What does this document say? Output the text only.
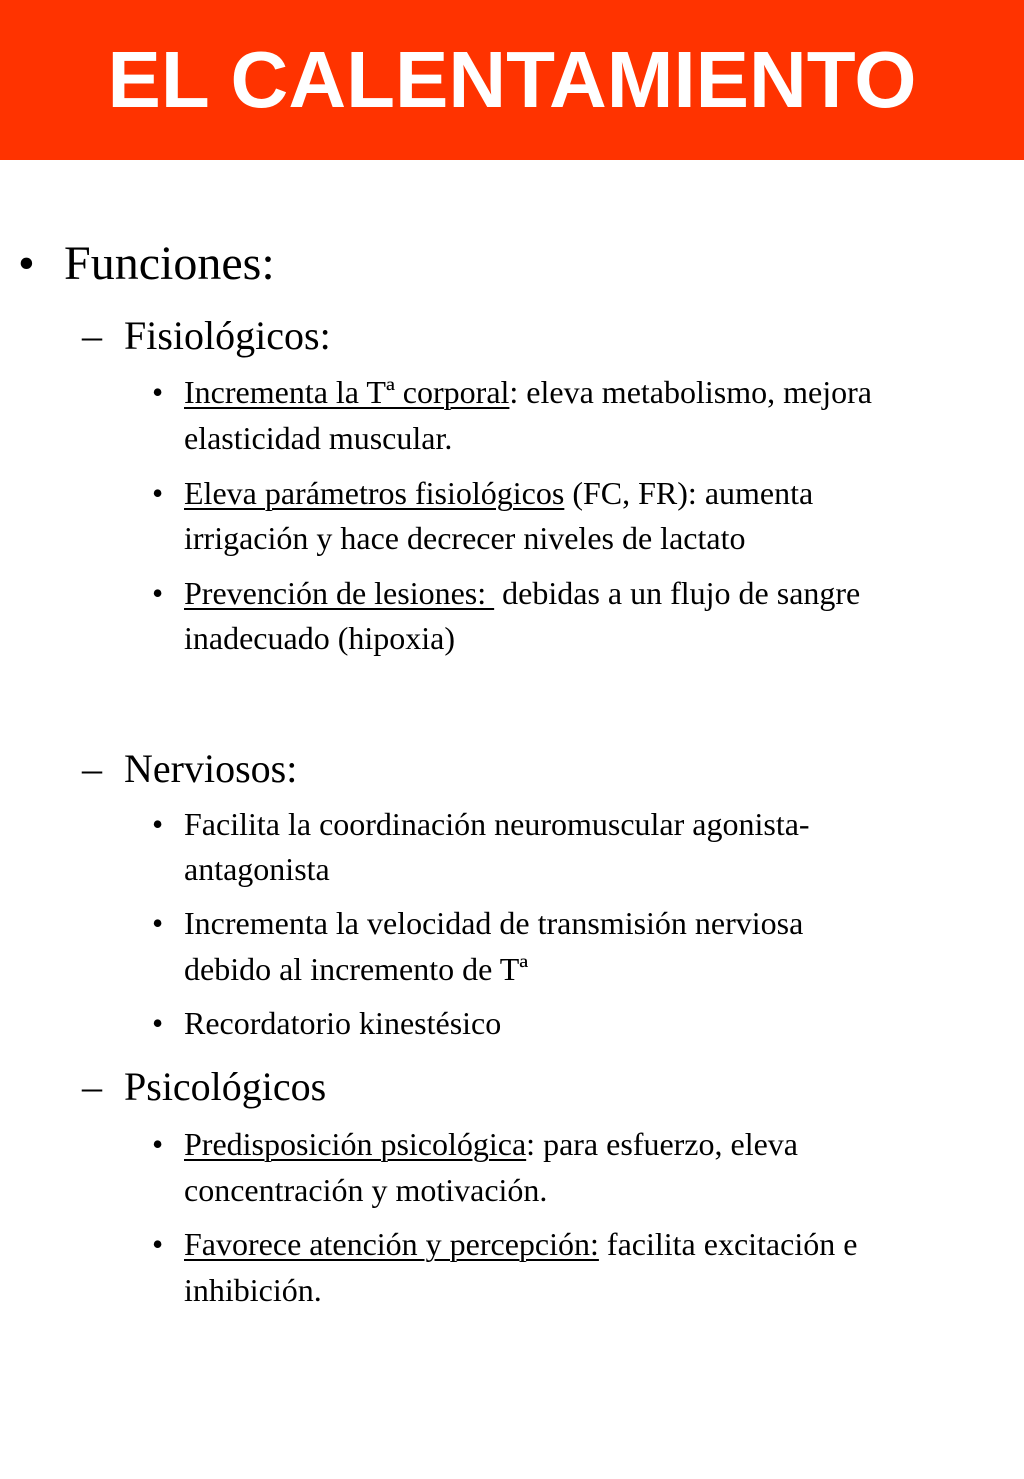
EL CALENTAMIENTO
• Funciones:
– Fisiológicos:
• Incrementa la Tª corporal: eleva metabolismo, mejora
elasticidad muscular.
• Eleva parámetros fisiológicos (FC, FR): aumenta
irrigación y hace decrecer niveles de lactato
• Prevención de lesiones:  debidas a un flujo de sangre
inadecuado (hipoxia)
– Nerviosos:
• Facilita la coordinación neuromuscular agonista-
antagonista
• Incrementa la velocidad de transmisión nerviosa
debido al incremento de Tª
• Recordatorio kinestésico
– Psicológicos
• Predisposición psicológica: para esfuerzo, eleva
concentración y motivación.
• Favorece atención y percepción: facilita excitación e
inhibición.
